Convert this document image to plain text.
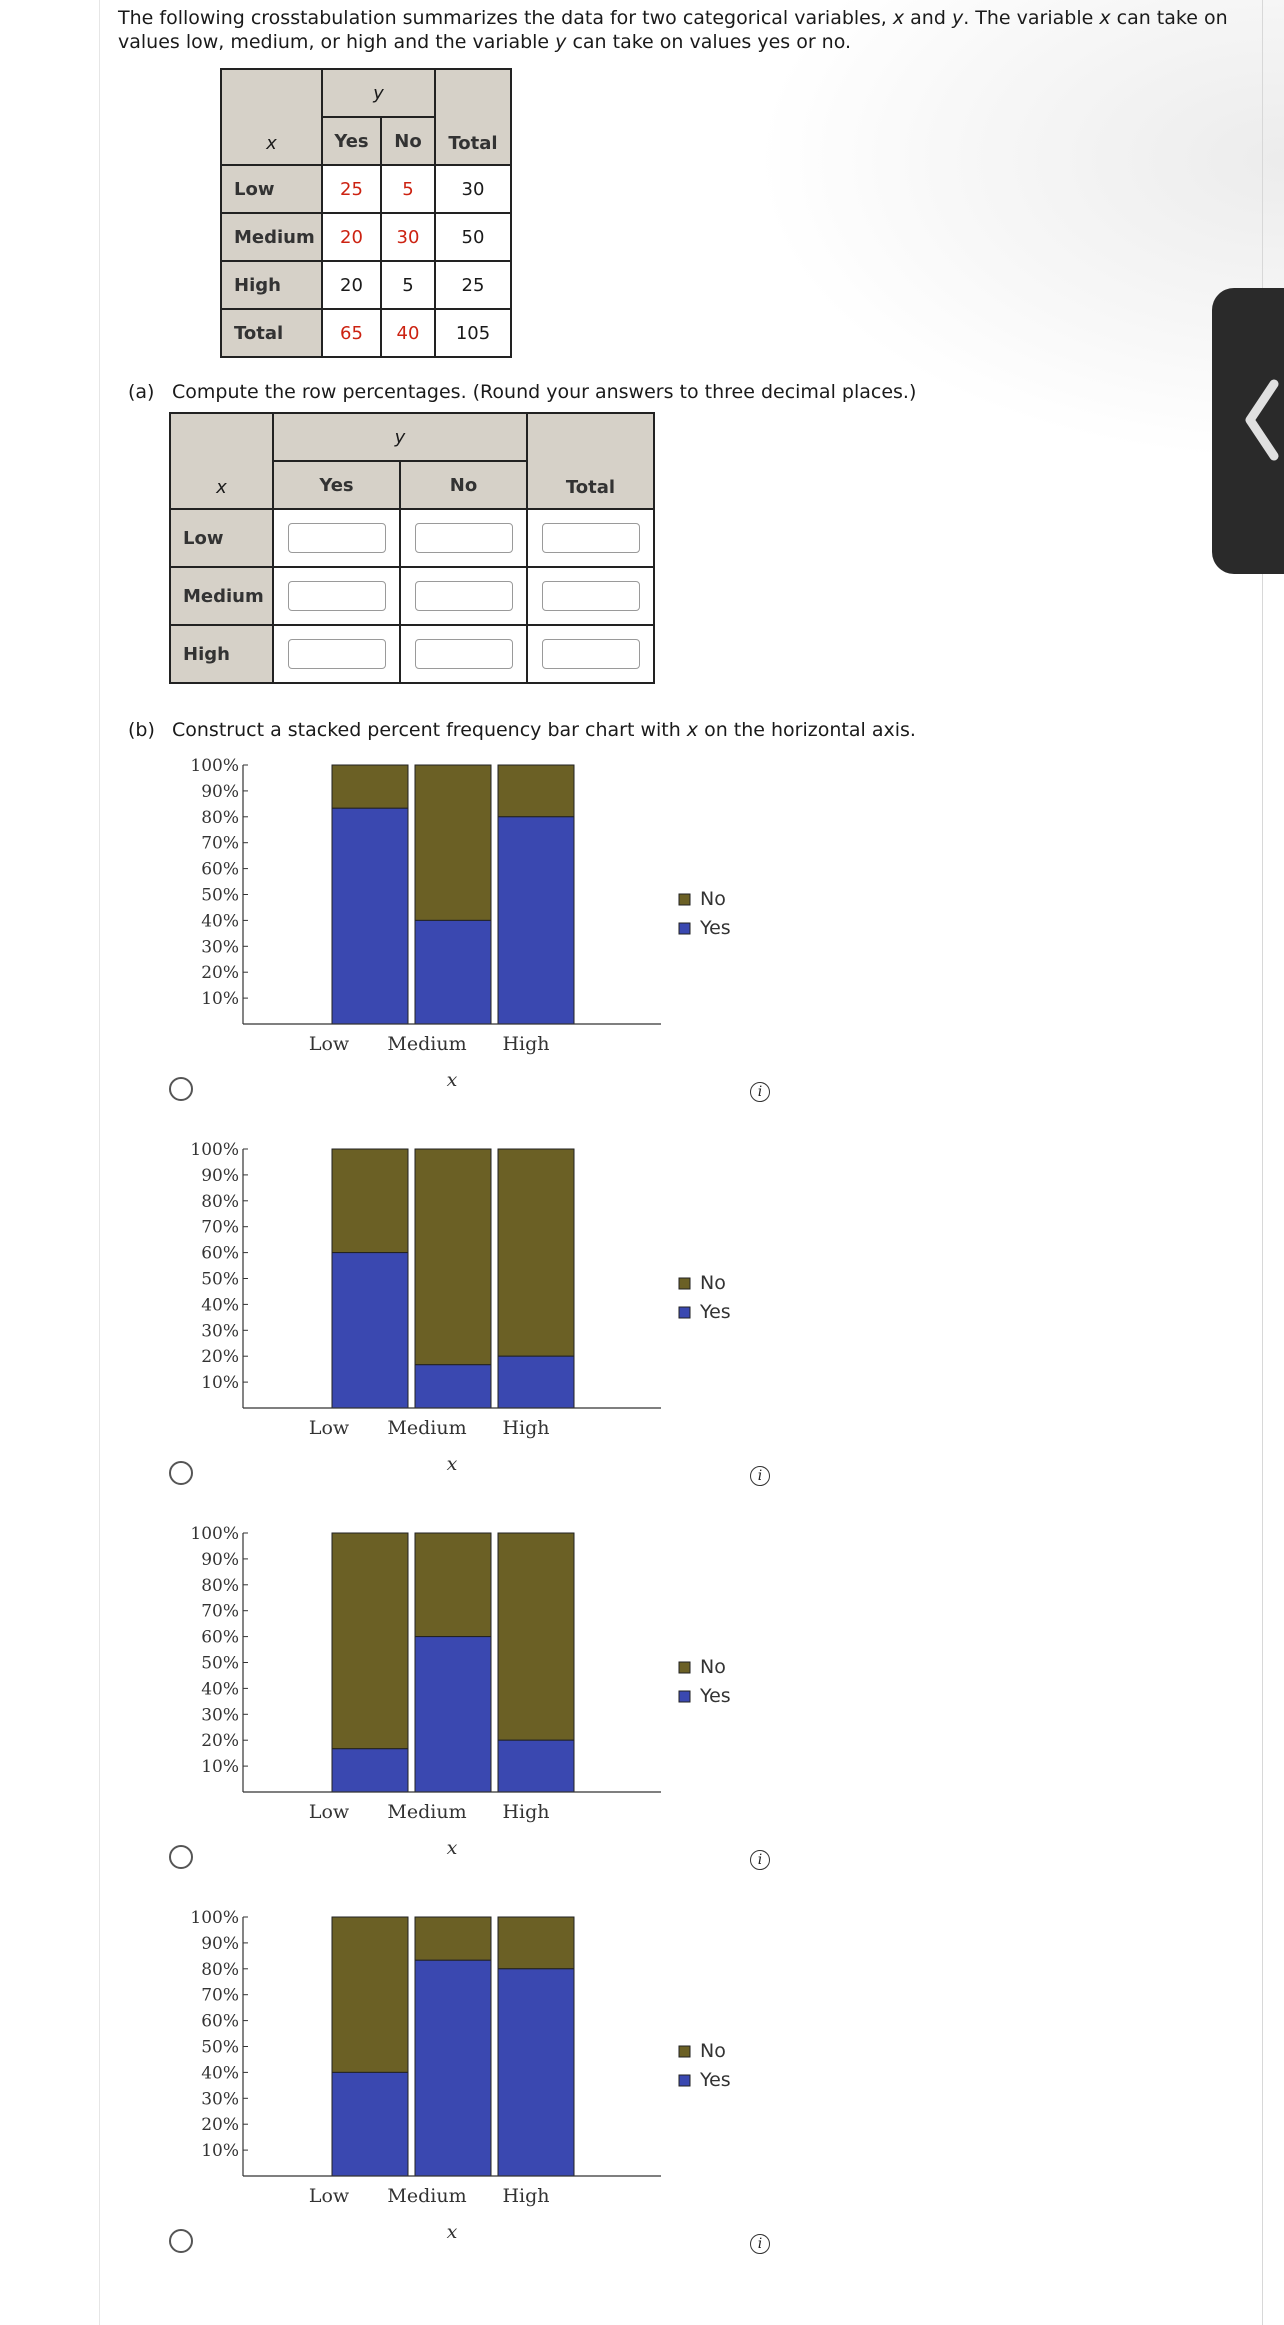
The following crosstabulation summarizes the data for two categorical variables, x and y. The variable x can take on values low, medium, or high and the variable y can take on values yes or no.
x	y		Total
	Yes	No	
Low	25	5	30
Medium	20	30	50
High	20	5	25
Total	65	40	105
(a) Compute the row percentages. (Round your answers to three decimal places.)
x	y		Total
	Yes	No	
Low			
Medium			
High			
(b) Construct a stacked percent frequency bar chart with x on the horizontal axis.
10%
20%
30%
40%
50%
60%
70%
80%
90%
100%
Low Medium High
x
No
Yes
10%
20%
30%
40%
50%
60%
70%
80%
90%
100%
Low Medium High
x
No
Yes
10%
20%
30%
40%
50%
60%
70%
80%
90%
100%
Low Medium High
x
No
Yes
10%
20%
30%
40%
50%
60%
70%
80%
90%
100%
Low Medium High
x
No
Yes
i
i
i
i
